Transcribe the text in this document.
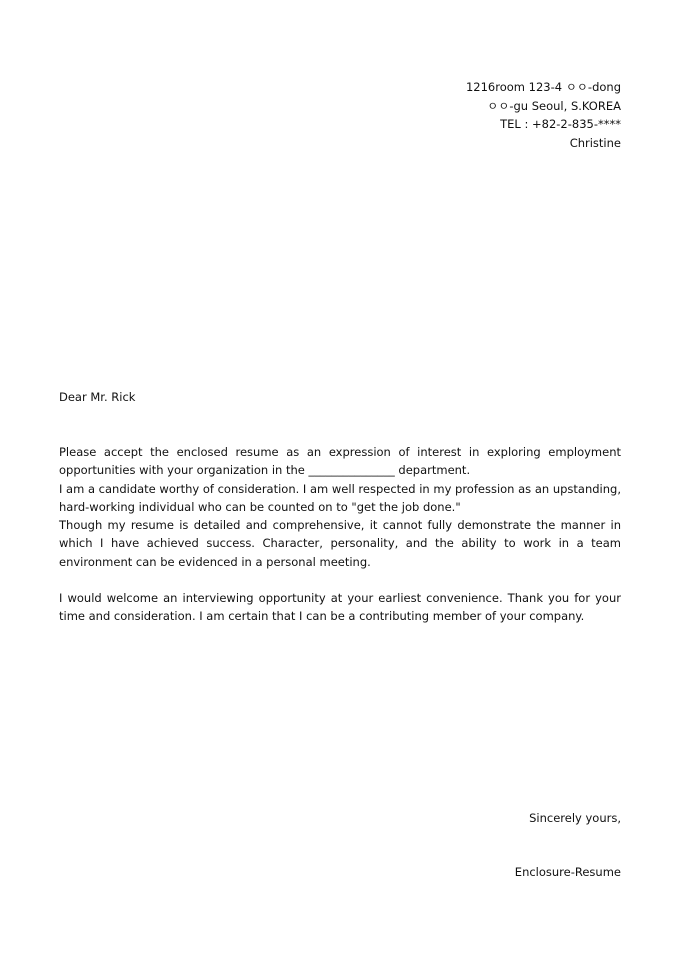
1216room 123-4 ㅇㅇ-dong
ㅇㅇ-gu Seoul, S.KOREA
TEL : +82-2-835-****
Christine
Dear Mr. Rick

Please accept the enclosed resume as an expression of interest in exploring employment opportunities with your organization in the _______________ department.

I am a candidate worthy of consideration. I am well respected in my profession as an upstanding, hard-working individual who can be counted on to "get the job done."

Though my resume is detailed and comprehensive, it cannot fully demonstrate the manner in which I have achieved success. Character, personality, and the ability to work in a team environment can be evidenced in a personal meeting.

I would welcome an interviewing opportunity at your earliest convenience. Thank you for your time and consideration. I am certain that I can be a contributing member of your company.
Sincerely yours,
Enclosure-Resume
